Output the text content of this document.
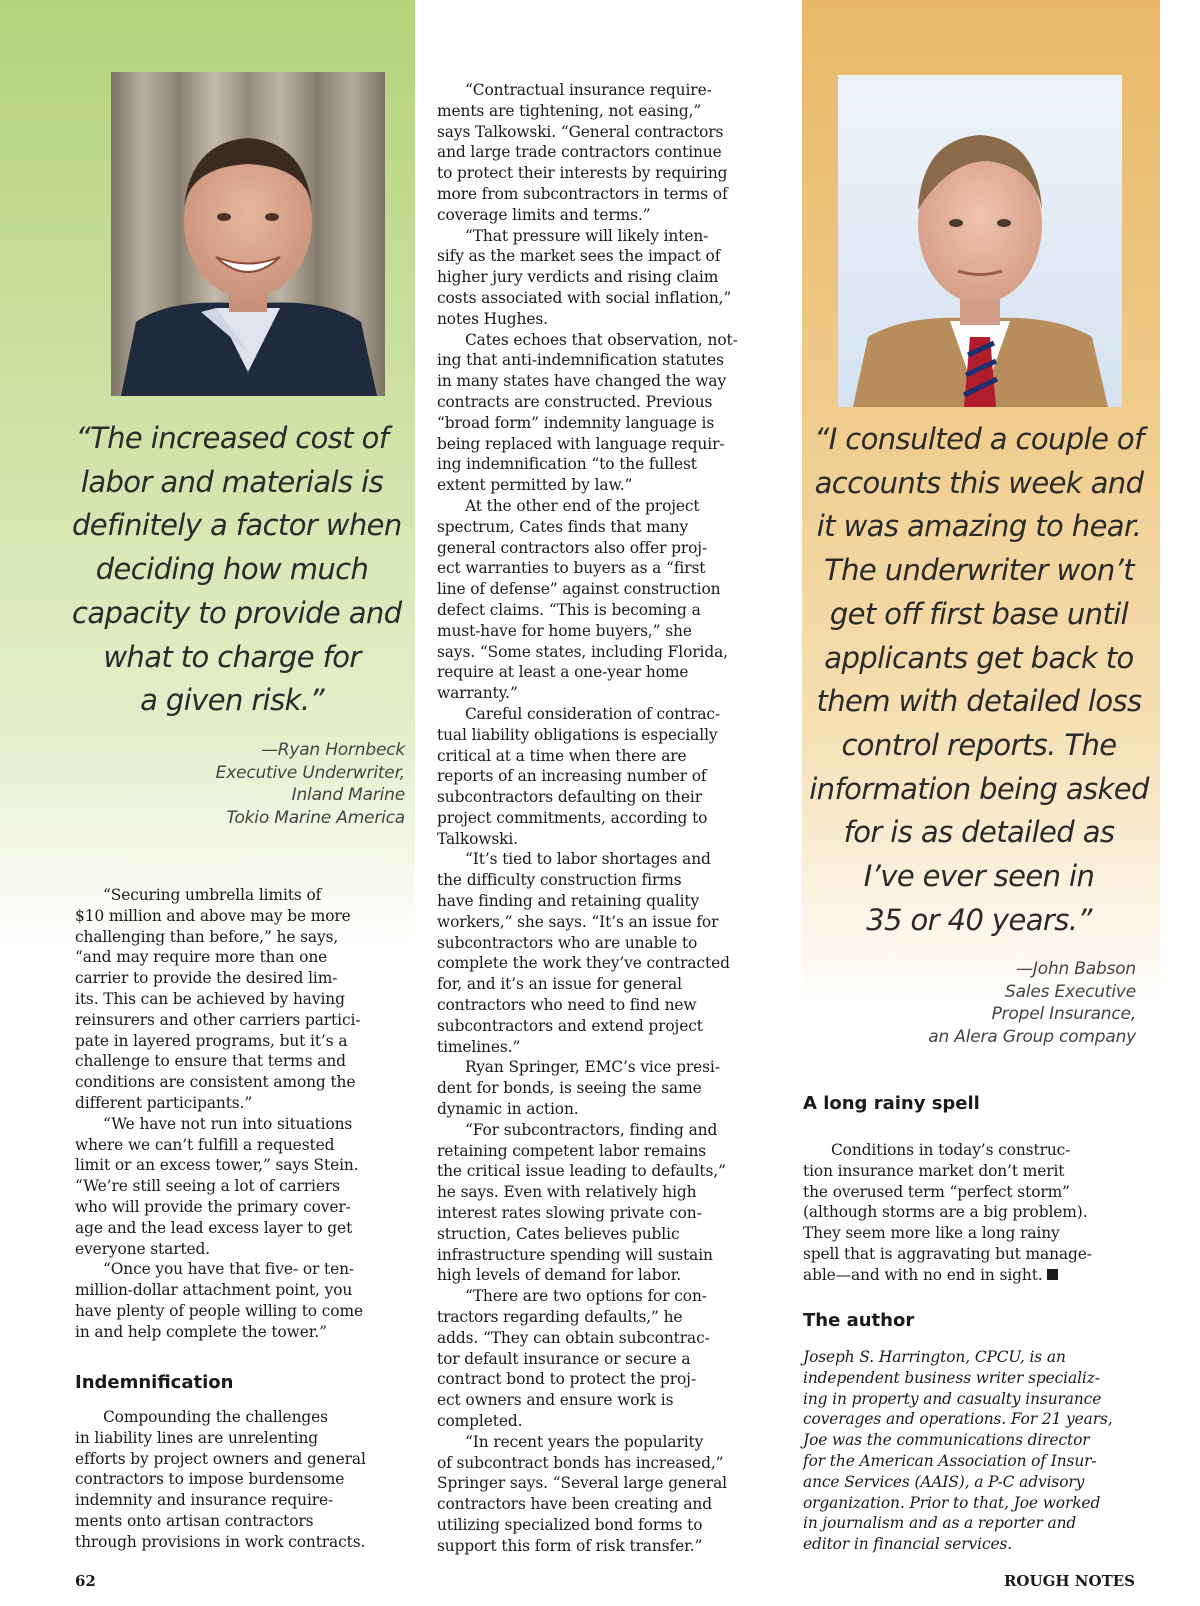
“The increased cost of
labor and materials is
definitely a factor when
deciding how much
capacity to provide and
what to charge for
a given risk.”
—Ryan Hornbeck
Executive Underwriter,
Inland Marine
Tokio Marine America
“I consulted a couple of
accounts this week and
it was amazing to hear.
The underwriter won’t
get off first base until
applicants get back to
them with detailed loss
control reports. The
information being asked
for is as detailed as
I’ve ever seen in
35 or 40 years.”
—John Babson
Sales Executive
Propel Insurance,
an Alera Group company
“Securing umbrella limits of
$10 million and above may be more
challenging than before,” he says,
“and may require more than one
carrier to provide the desired lim-
its. This can be achieved by having
reinsurers and other carriers partici-
pate in layered programs, but it’s a
challenge to ensure that terms and
conditions are consistent among the
different participants.”
“We have not run into situations
where we can’t fulfill a requested
limit or an excess tower,” says Stein.
“We’re still seeing a lot of carriers
who will provide the primary cover-
age and the lead excess layer to get
everyone started.
“Once you have that five- or ten-
million-dollar attachment point, you
have plenty of people willing to come
in and help complete the tower.”
Indemnification
Compounding the challenges
in liability lines are unrelenting
efforts by project owners and general
contractors to impose burdensome
indemnity and insurance require-
ments onto artisan contractors
through provisions in work contracts.
“Contractual insurance require-
ments are tightening, not easing,”
says Talkowski. “General contractors
and large trade contractors continue
to protect their interests by requiring
more from subcontractors in terms of
coverage limits and terms.”
“That pressure will likely inten-
sify as the market sees the impact of
higher jury verdicts and rising claim
costs associated with social inflation,”
notes Hughes.
Cates echoes that observation, not-
ing that anti-indemnification statutes
in many states have changed the way
contracts are constructed. Previous
“broad form” indemnity language is
being replaced with language requir-
ing indemnification “to the fullest
extent permitted by law.”
At the other end of the project
spectrum, Cates finds that many
general contractors also offer proj-
ect warranties to buyers as a “first
line of defense” against construction
defect claims. “This is becoming a
must-have for home buyers,” she
says. “Some states, including Florida,
require at least a one-year home
warranty.”
Careful consideration of contrac-
tual liability obligations is especially
critical at a time when there are
reports of an increasing number of
subcontractors defaulting on their
project commitments, according to
Talkowski.
“It’s tied to labor shortages and
the difficulty construction firms
have finding and retaining quality
workers,” she says. “It’s an issue for
subcontractors who are unable to
complete the work they’ve contracted
for, and it’s an issue for general
contractors who need to find new
subcontractors and extend project
timelines.”
Ryan Springer, EMC’s vice presi-
dent for bonds, is seeing the same
dynamic in action.
“For subcontractors, finding and
retaining competent labor remains
the critical issue leading to defaults,”
he says. Even with relatively high
interest rates slowing private con-
struction, Cates believes public
infrastructure spending will sustain
high levels of demand for labor.
“There are two options for con-
tractors regarding defaults,” he
adds. “They can obtain subcontrac-
tor default insurance or secure a
contract bond to protect the proj-
ect owners and ensure work is
completed.
“In recent years the popularity
of subcontract bonds has increased,”
Springer says. “Several large general
contractors have been creating and
utilizing specialized bond forms to
support this form of risk transfer.”
A long rainy spell
Conditions in today’s construc-
tion insurance market don’t merit
the overused term “perfect storm”
(although storms are a big problem).
They seem more like a long rainy
spell that is aggravating but manage-
able—and with no end in sight.
The author
Joseph S. Harrington, CPCU, is an
independent business writer specializ-
ing in property and casualty insurance
coverages and operations. For 21 years,
Joe was the communications director
for the American Association of Insur-
ance Services (AAIS), a P-C advisory
organization. Prior to that, Joe worked
in journalism and as a reporter and
editor in financial services.
62	ROUGH NOTES
